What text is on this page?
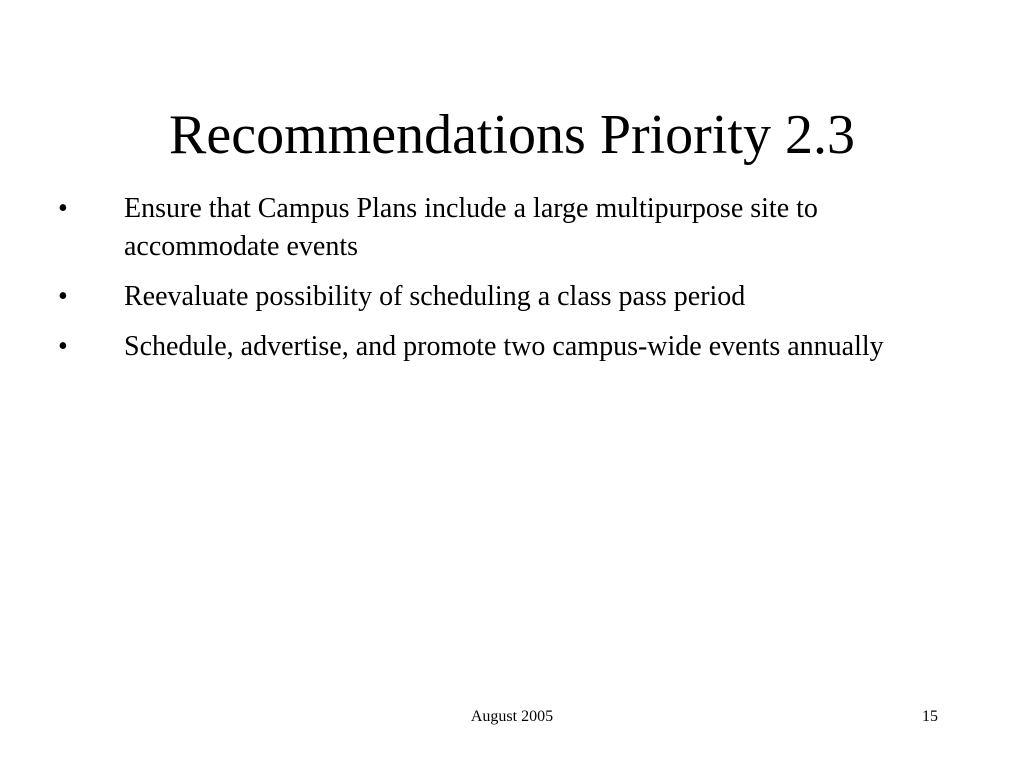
Recommendations Priority 2.3
•	Ensure that Campus Plans include a large multipurpose site to accommodate events
•	Reevaluate possibility of scheduling a class pass period
•	Schedule, advertise, and promote two campus-wide events annually
August 2005	15
